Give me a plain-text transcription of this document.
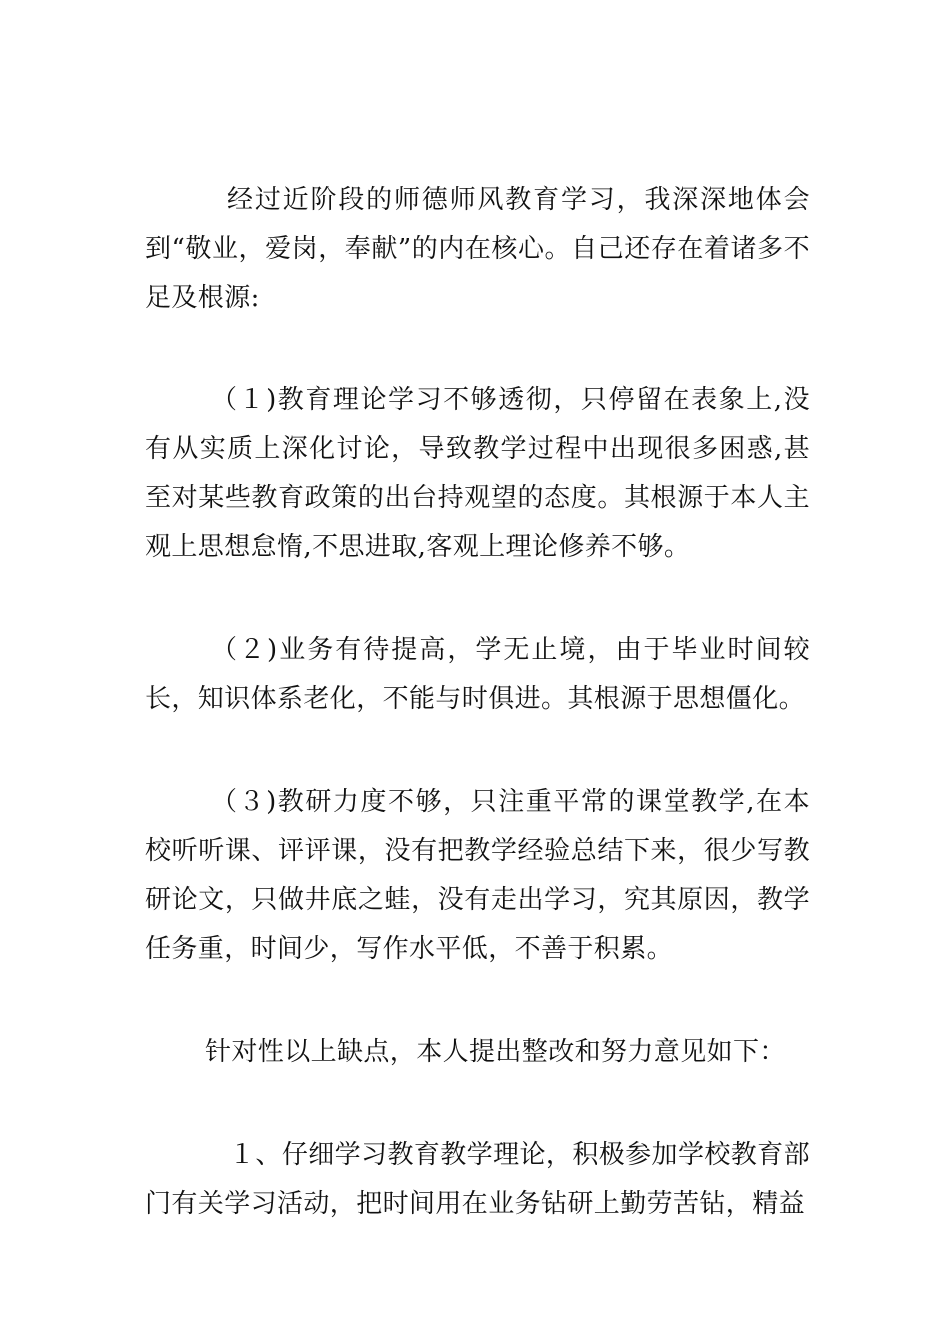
经过近阶段的师德师风教育学习，我深深地体会到“敬业，爱岗，奉献”的内在核心。自己还存在着诸多不足及根源:

（１)教育理论学习不够透彻，只停留在表象上,没有从实质上深化讨论，导致教学过程中出现很多困惑,甚至对某些教育政策的出台持观望的态度。其根源于本人主观上思想怠惰,不思进取,客观上理论修养不够。

（２)业务有待提高，学无止境，由于毕业时间较长，知识体系老化，不能与时俱进。其根源于思想僵化。

（３)教研力度不够，只注重平常的课堂教学,在本校听听课、评评课，没有把教学经验总结下来，很少写教研论文，只做井底之蛙，没有走出学习，究其原因，教学任务重，时间少，写作水平低，不善于积累。

针对性以上缺点，本人提出整改和努力意见如下：

１、仔细学习教育教学理论，积极参加学校教育部门有关学习活动，把时间用在业务钻研上勤劳苦钻，精益
